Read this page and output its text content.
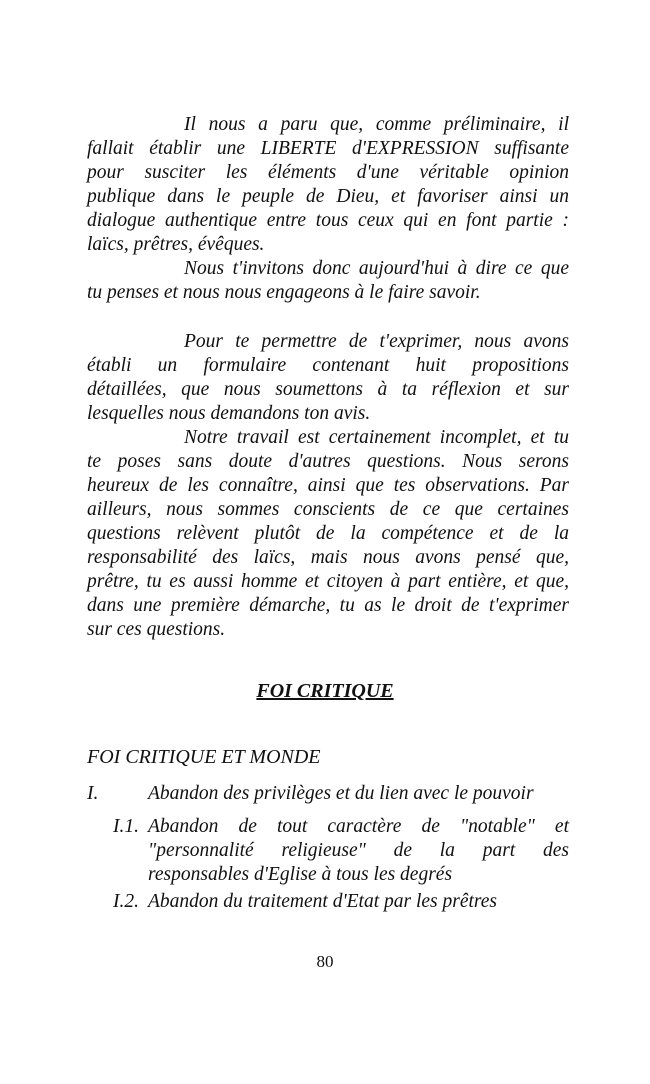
Il nous a paru que, comme préliminaire, il
fallait établir une LIBERTE d'EXPRESSION suffisante
pour susciter les éléments d'une véritable opinion
publique dans le peuple de Dieu, et favoriser ainsi un
dialogue authentique entre tous ceux qui en font partie :
laïcs, prêtres, évêques.
Nous t'invitons donc aujourd'hui à dire ce que
tu penses et nous nous engageons à le faire savoir.
Pour te permettre de t'exprimer, nous avons
établi un formulaire contenant huit propositions
détaillées, que nous soumettons à ta réflexion et sur
lesquelles nous demandons ton avis.
Notre travail est certainement incomplet, et tu
te poses sans doute d'autres questions. Nous serons
heureux de les connaître, ainsi que tes observations. Par
ailleurs, nous sommes conscients de ce que certaines
questions relèvent plutôt de la compétence et de la
responsabilité des laïcs, mais nous avons pensé que,
prêtre, tu es aussi homme et citoyen à part entière, et que,
dans une première démarche, tu as le droit de t'exprimer
sur ces questions.
FOI CRITIQUE
FOI CRITIQUE ET MONDE
I.	Abandon des privilèges et du lien avec le pouvoir
I.1. Abandon de tout caractère de "notable" et
"personnalité religieuse" de la part des
responsables d'Eglise à tous les degrés
I.2. Abandon du traitement d'Etat par les prêtres
80
